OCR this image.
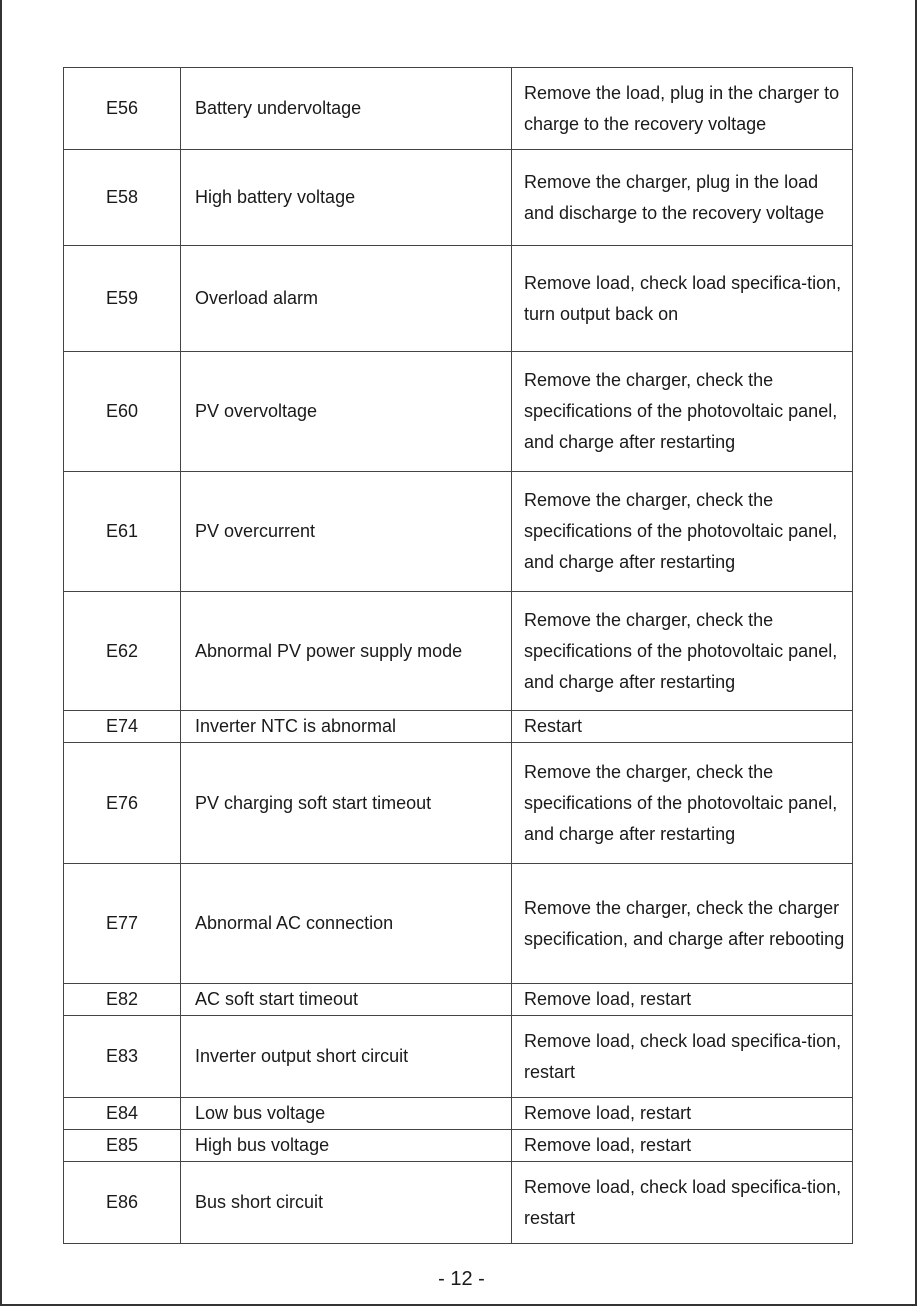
E56	Battery undervoltage	Remove the load, plug in the charger to charge to the recovery voltage
E58	High battery voltage	Remove the charger, plug in the load and discharge to the recovery voltage
E59	Overload alarm	Remove load, check load specifica-tion, turn output back on
E60	PV overvoltage	Remove the charger, check the specifications of the photovoltaic panel, and charge after restarting
E61	PV overcurrent	Remove the charger, check the specifications of the photovoltaic panel, and charge after restarting
E62	Abnormal PV power supply mode	Remove the charger, check the specifications of the photovoltaic panel, and charge after restarting
E74	Inverter NTC is abnormal	Restart
E76	PV charging soft start timeout	Remove the charger, check the specifications of the photovoltaic panel, and charge after restarting
E77	Abnormal AC connection	Remove the charger, check the charger specification, and charge after rebooting
E82	AC soft start timeout	Remove load, restart
E83	Inverter output short circuit	Remove load, check load specifica-tion, restart
E84	Low bus voltage	Remove load, restart
E85	High bus voltage	Remove load, restart
E86	Bus short circuit	Remove load, check load specifica-tion, restart
- 12 -
